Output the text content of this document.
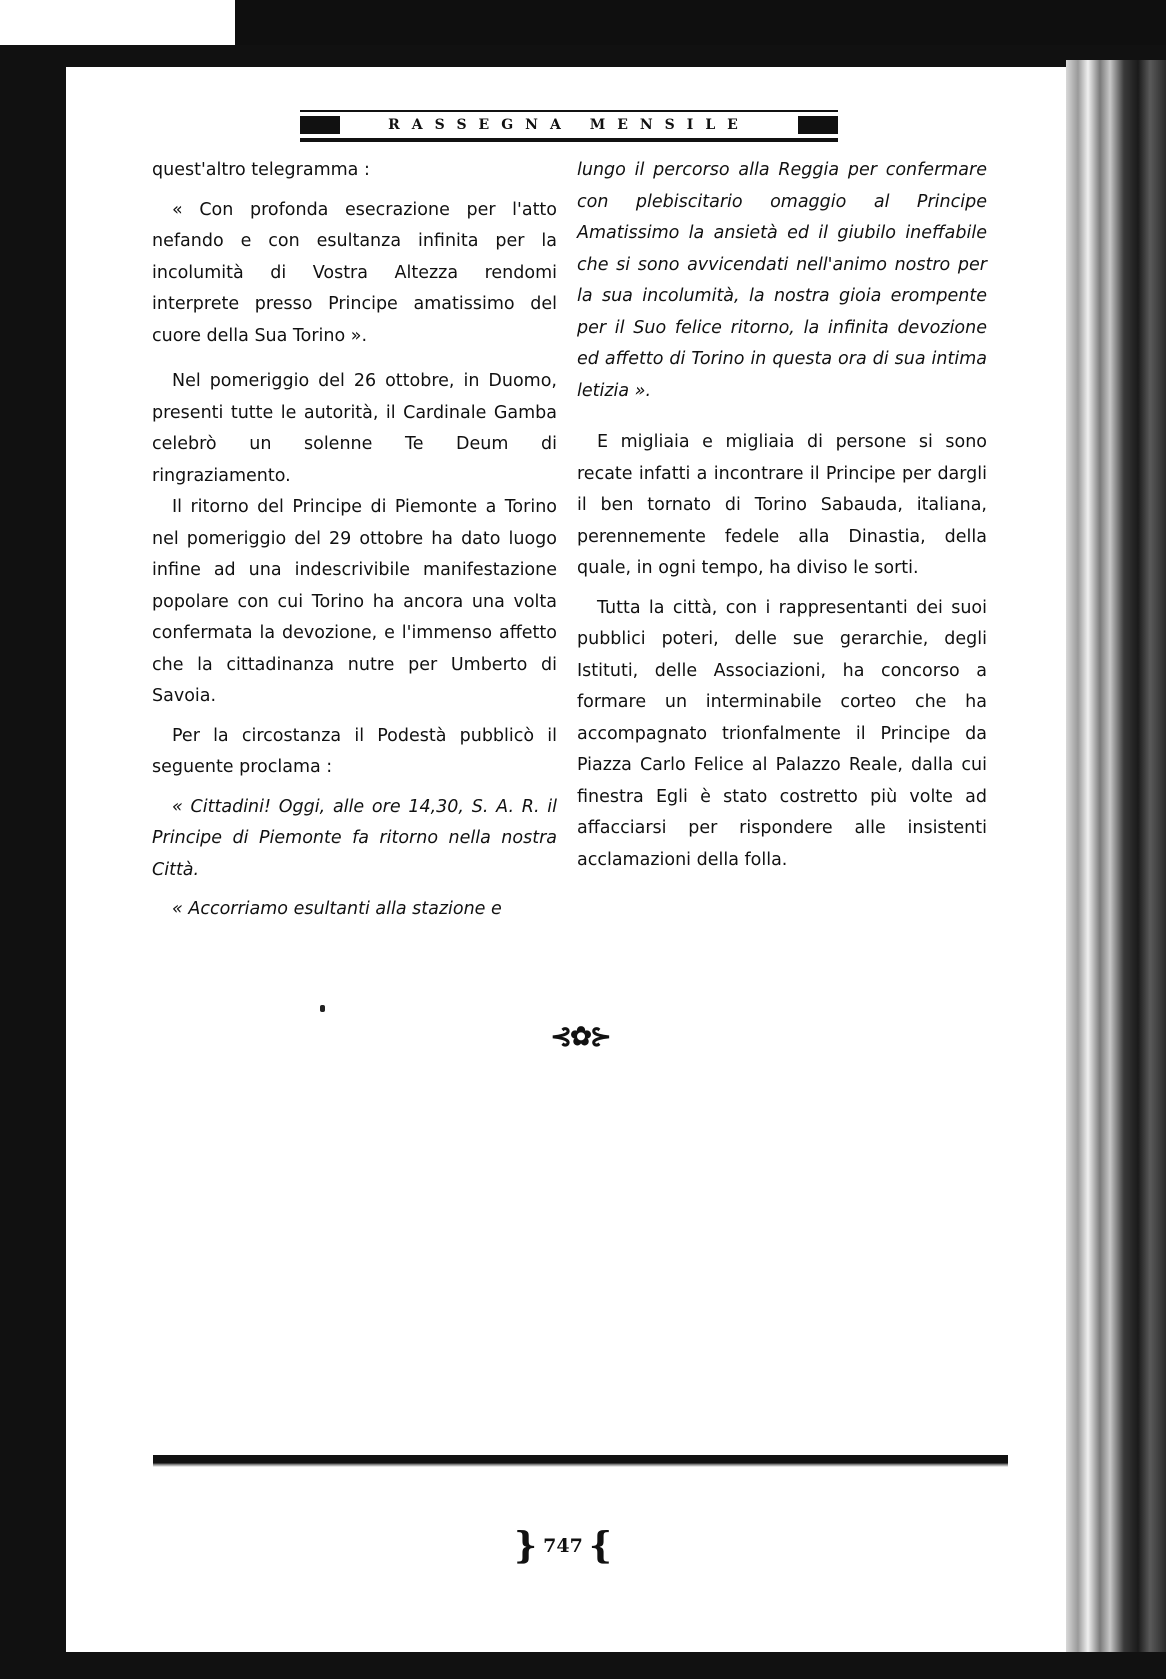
RASSEGNA MENSILE

quest'altro telegramma :

« Con profonda esecrazione per l'atto nefando e con esultanza infinita per la incolumità di Vostra Altezza rendomi interprete presso Principe amatissimo del cuore della Sua Torino ».

Nel pomeriggio del 26 ottobre, in Duomo, presenti tutte le autorità, il Cardinale Gamba celebrò un solenne Te Deum di ringraziamento.

Il ritorno del Principe di Piemonte a Torino nel pomeriggio del 29 ottobre ha dato luogo infine ad una indescrivibile manifestazione popolare con cui Torino ha ancora una volta confermata la devozione, e l'immenso affetto che la cittadinanza nutre per Umberto di Savoia.

Per la circostanza il Podestà pubblicò il seguente proclama :

« Cittadini! Oggi, alle ore 14,30, S. A. R. il Principe di Piemonte fa ritorno nella nostra Città.

« Accorriamo esultanti alla stazione e

lungo il percorso alla Reggia per confermare con plebiscitario omaggio al Principe Amatissimo la ansietà ed il giubilo ineffabile che si sono avvicendati nell'animo nostro per la sua incolumità, la nostra gioia erompente per il Suo felice ritorno, la infinita devozione ed affetto di Torino in questa ora di sua intima letizia ».

E migliaia e migliaia di persone si sono recate infatti a incontrare il Principe per dargli il ben tornato di Torino Sabauda, italiana, perennemente fedele alla Dinastia, della quale, in ogni tempo, ha diviso le sorti.

Tutta la città, con i rappresentanti dei suoi pubblici poteri, delle sue gerarchie, degli Istituti, delle Associazioni, ha concorso a formare un interminabile corteo che ha accompagnato trionfalmente il Principe da Piazza Carlo Felice al Palazzo Reale, dalla cui finestra Egli è stato costretto più volte ad affacciarsi per rispondere alle insistenti acclamazioni della folla.

⊰✿⊱
} 747 {
